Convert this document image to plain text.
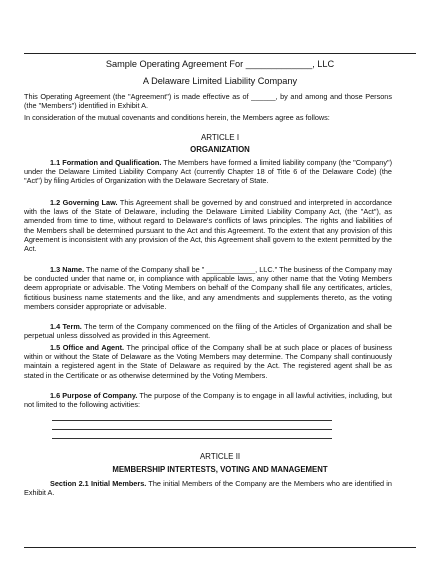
Sample Operating Agreement For _____________, LLC
A Delaware Limited Liability Company
This Operating Agreement (the "Agreement") is made effective as of ______, by and among and those Persons (the "Members") identified in Exhibit A.
In consideration of the mutual covenants and conditions herein, the Members agree as follows:
ARTICLE I
ORGANIZATION
1.1 Formation and Qualification. The Members have formed a limited liability company (the "Company") under the Delaware Limited Liability Company Act (currently Chapter 18 of Title 6 of the Delaware Code) (the "Act") by filing Articles of Organization with the Delaware Secretary of State.
1.2 Governing Law. This Agreement shall be governed by and construed and interpreted in accordance with the laws of the State of Delaware, including the Delaware Limited Liability Company Act, (the "Act"), as amended from time to time, without regard to Delaware's conflicts of laws principles. The rights and liabilities of the Members shall be determined pursuant to the Act and this Agreement. To the extent that any provision of this Agreement is inconsistent with any provision of the Act, this Agreement shall govern to the extent permitted by the Act.
1.3 Name. The name of the Company shall be " ____________, LLC." The business of the Company may be conducted under that name or, in compliance with applicable laws, any other name that the Voting Members deem appropriate or advisable. The Voting Members on behalf of the Company shall file any certificates, articles, fictitious business name statements and the like, and any amendments and supplements thereto, as the voting members consider appropriate or advisable.
1.4 Term. The term of the Company commenced on the filing of the Articles of Organization and shall be perpetual unless dissolved as provided in this Agreement.
1.5 Office and Agent. The principal office of the Company shall be at such place or places of business within or without the State of Delaware as the Voting Members may determine. The Company shall continuously maintain a registered agent in the State of Delaware as required by the Act. The registered agent shall be as stated in the Certificate or as otherwise determined by the Voting Members.
1.6 Purpose of Company. The purpose of the Company is to engage in all lawful activities, including, but not limited to the following activities:
ARTICLE II
MEMBERSHIP INTERTESTS, VOTING AND MANAGEMENT
Section 2.1 Initial Members. The initial Members of the Company are the Members who are identified in Exhibit A.
